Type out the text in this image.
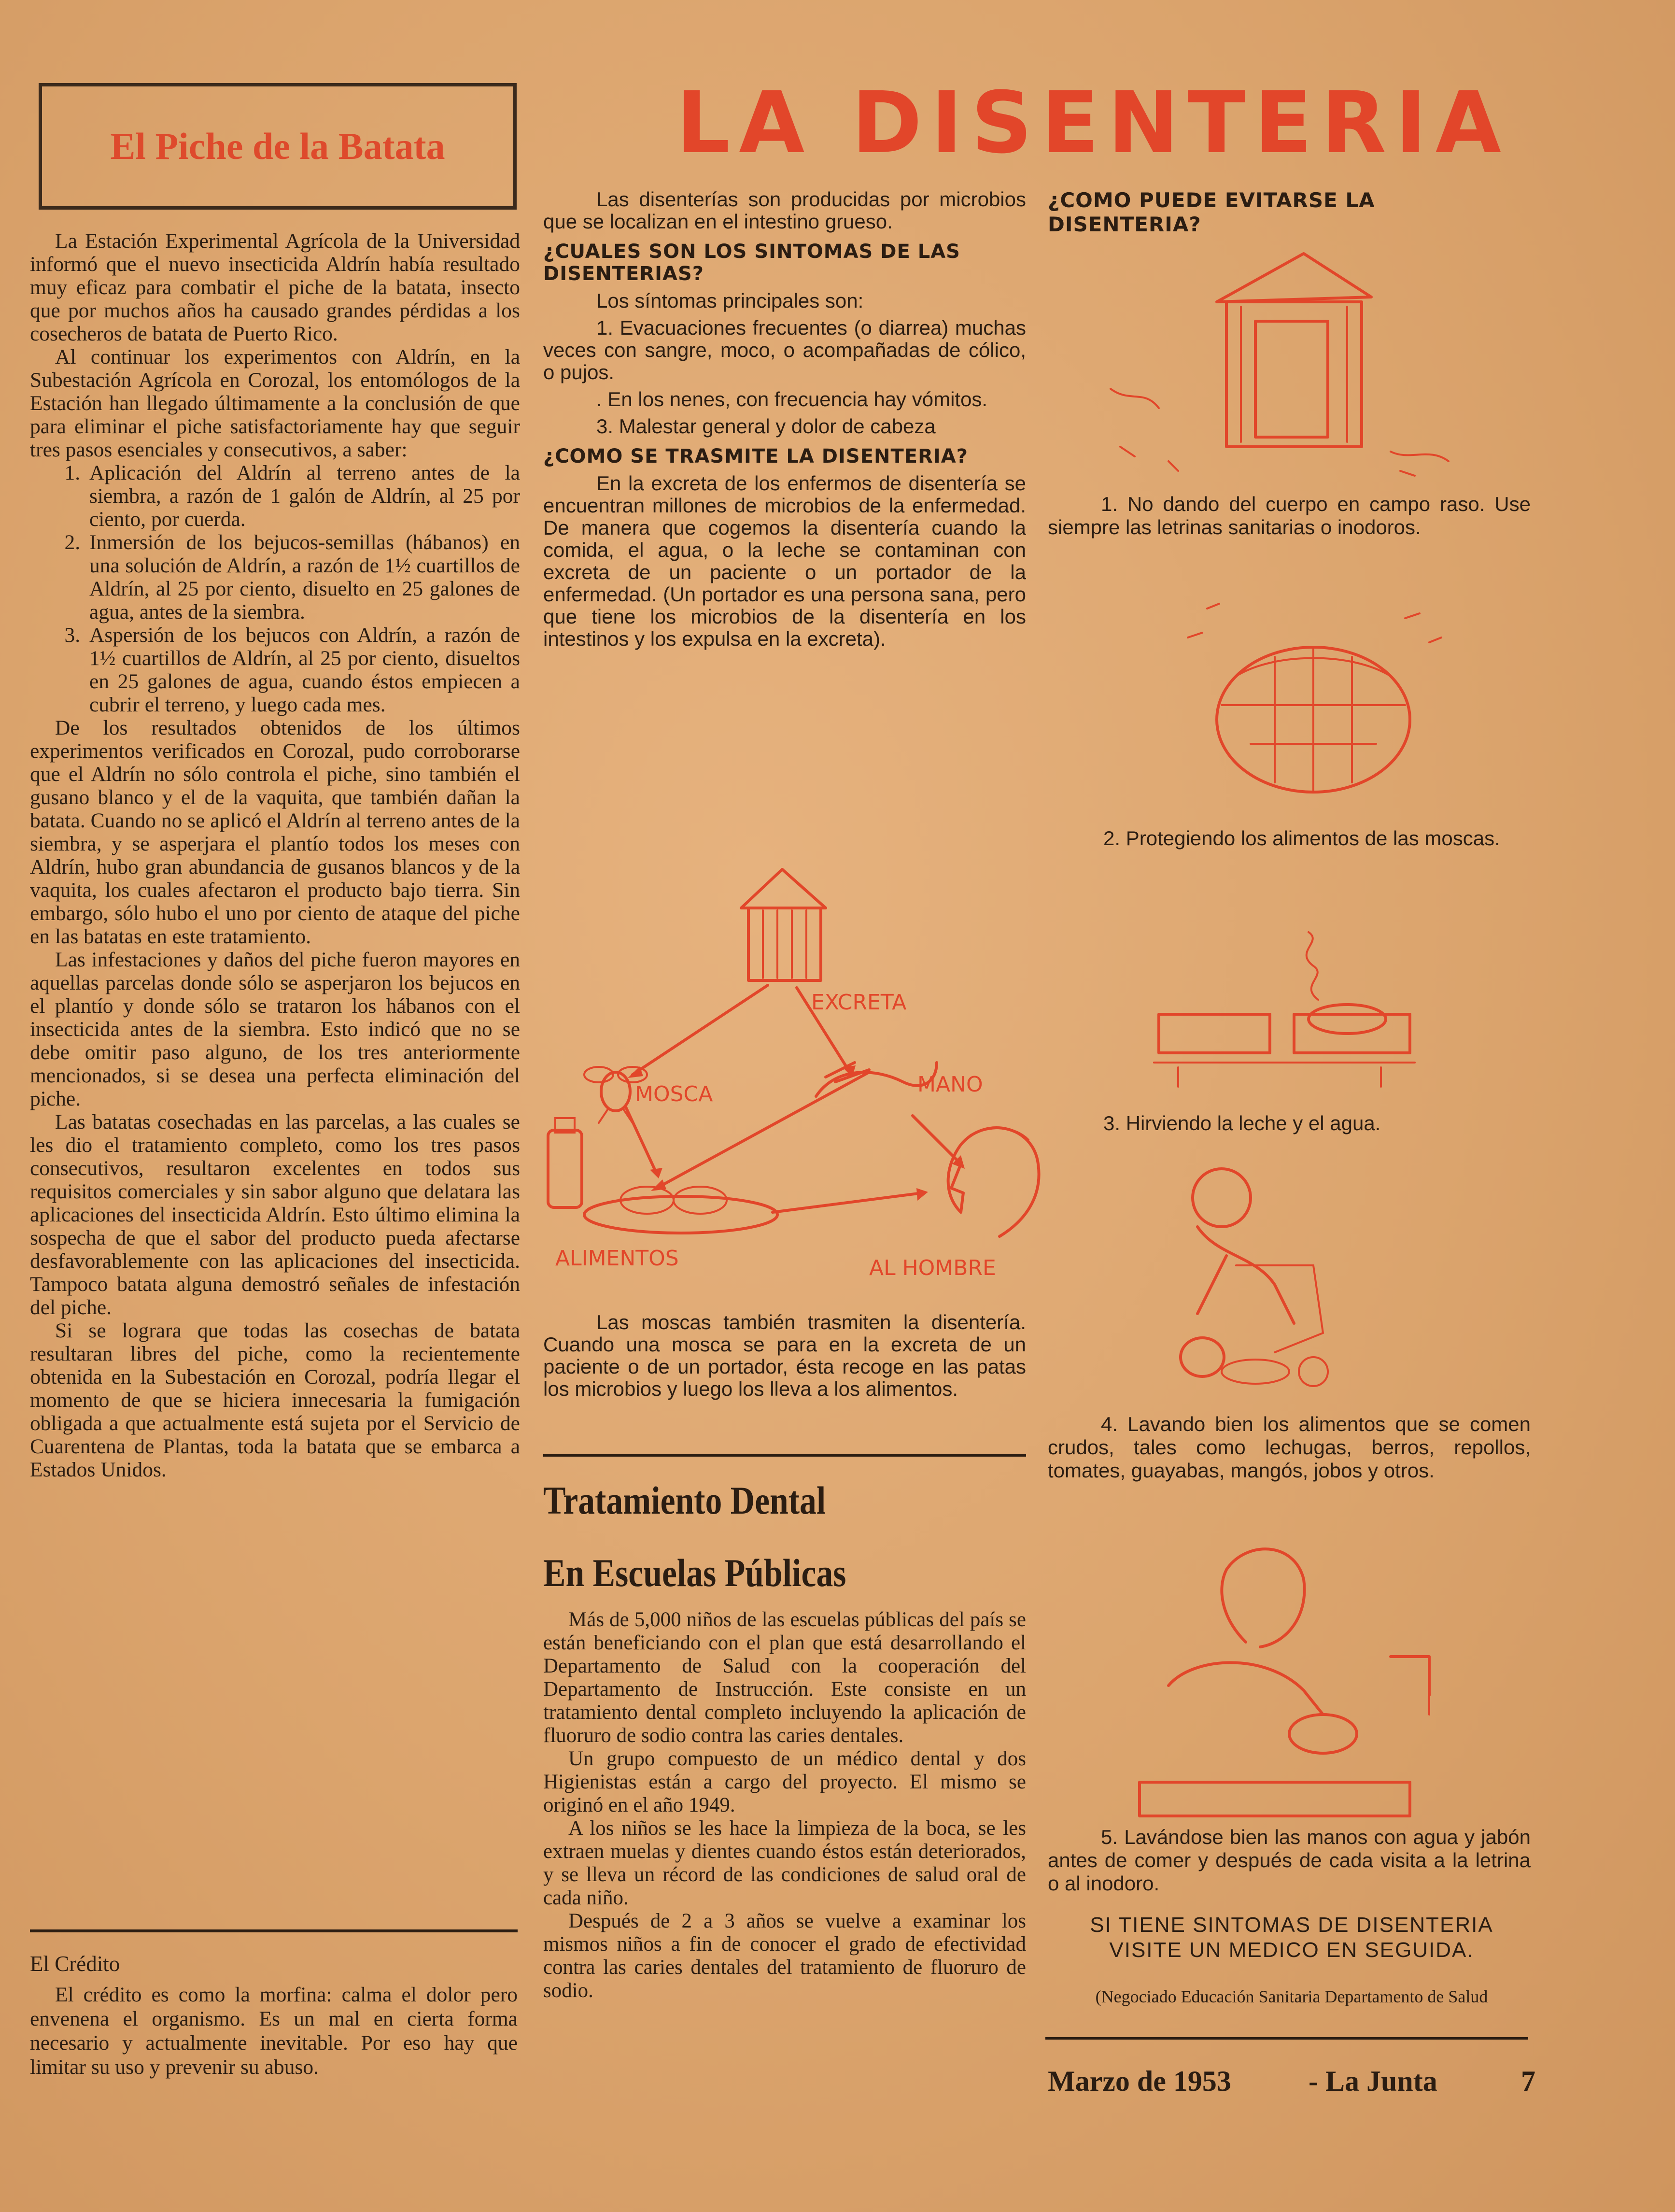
El Piche de la Batata

La Estación Experimental Agrícola de la Universidad informó que el nuevo insecticida Aldrín había resultado muy eficaz para combatir el piche de la batata, insecto que por muchos años ha causado grandes pérdidas a los cosecheros de batata de Puerto Rico.

Al continuar los experimentos con Aldrín, en la Subestación Agrícola en Corozal, los entomólogos de la Estación han llegado últimamente a la conclusión de que para eliminar el piche satisfactoriamente hay que seguir tres pasos esenciales y consecutivos, a saber:

1. Aplicación del Aldrín al terreno antes de la siembra, a razón de 1 galón de Aldrín, al 25 por ciento, por cuerda.
2. Inmersión de los bejucos-semillas (hábanos) en una solución de Aldrín, a razón de 1½ cuartillos de Aldrín, al 25 por ciento, disuelto en 25 galones de agua, antes de la siembra.
3. Aspersión de los bejucos con Aldrín, a razón de 1½ cuartillos de Aldrín, al 25 por ciento, disueltos en 25 galones de agua, cuando éstos empiecen a cubrir el terreno, y luego cada mes.

De los resultados obtenidos de los últimos experimentos verificados en Corozal, pudo corroborarse que el Aldrín no sólo controla el piche, sino también el gusano blanco y el de la vaquita, que también dañan la batata. Cuando no se aplicó el Aldrín al terreno antes de la siembra, y se asperjara el plantío todos los meses con Aldrín, hubo gran abundancia de gusanos blancos y de la vaquita, los cuales afectaron el producto bajo tierra. Sin embargo, sólo hubo el uno por ciento de ataque del piche en las batatas en este tratamiento.

Las infestaciones y daños del piche fueron mayores en aquellas parcelas donde sólo se asperjaron los bejucos en el plantío y donde sólo se trataron los hábanos con el insecticida antes de la siembra. Esto indicó que no se debe omitir paso alguno, de los tres anteriormente mencionados, si se desea una perfecta eliminación del piche.

Las batatas cosechadas en las parcelas, a las cuales se les dio el tratamiento completo, como los tres pasos consecutivos, resultaron excelentes en todos sus requisitos comerciales y sin sabor alguno que delatara las aplicaciones del insecticida Aldrín. Esto último elimina la sospecha de que el sabor del producto pueda afectarse desfavorablemente con las aplicaciones del insecticida. Tampoco batata alguna demostró señales de infestación del piche.

Si se lograra que todas las cosechas de batata resultaran libres del piche, como la recientemente obtenida en la Subestación en Corozal, podría llegar el momento de que se hiciera innecesaria la fumigación obligada a que actualmente está sujeta por el Servicio de Cuarentena de Plantas, toda la batata que se embarca a Estados Unidos.

El Crédito

El crédito es como la morfina: calma el dolor pero envenena el organismo. Es un mal en cierta forma necesario y actualmente inevitable. Por eso hay que limitar su uso y prevenir su abuso.

LA DISENTERIA

Las disenterías son producidas por microbios que se localizan en el intestino grueso.

¿CUALES SON LOS SINTOMAS DE LAS DISENTERIAS?

Los síntomas principales son:

1. Evacuaciones frecuentes (o diarrea) muchas veces con sangre, moco, o acompañadas de cólico, o pujos.

. En los nenes, con frecuencia hay vómitos.

3. Malestar general y dolor de cabeza

¿COMO SE TRASMITE LA DISENTERIA?

En la excreta de los enfermos de disentería se encuentran millones de microbios de la enfermedad. De manera que cogemos la disentería cuando la comida, el agua, o la leche se contaminan con excreta de un paciente o un portador de la enfermedad. (Un portador es una persona sana, pero que tiene los microbios de la disentería en los intestinos y los expulsa en la excreta).

EXCRETA
MOSCA	MANO
ALIMENTOS	AL HOMBRE

Las moscas también trasmiten la disentería. Cuando una mosca se para en la excreta de un paciente o de un portador, ésta recoge en las patas los microbios y luego los lleva a los alimentos.

Tratamiento Dental
En Escuelas Públicas

Más de 5,000 niños de las escuelas públicas del país se están beneficiando con el plan que está desarrollando el Departamento de Salud con la cooperación del Departamento de Instrucción. Este consiste en un tratamiento dental completo incluyendo la aplicación de fluoruro de sodio contra las caries dentales.

Un grupo compuesto de un médico dental y dos Higienistas están a cargo del proyecto. El mismo se originó en el año 1949.

A los niños se les hace la limpieza de la boca, se les extraen muelas y dientes cuando éstos están deteriorados, y se lleva un récord de las condiciones de salud oral de cada niño.

Después de 2 a 3 años se vuelve a examinar los mismos niños a fin de conocer el grado de efectividad contra las caries dentales del tratamiento de fluoruro de sodio.

¿COMO PUEDE EVITARSE LA DISENTERIA?
1. No dando del cuerpo en campo raso. Use siempre las letrinas sanitarias o inodoros.
2. Protegiendo los alimentos de las moscas.
3. Hirviendo la leche y el agua.
4. Lavando bien los alimentos que se comen crudos, tales como lechugas, berros, repollos, tomates, guayabas, mangós, jobos y otros.
5. Lavándose bien las manos con agua y jabón antes de comer y después de cada visita a la letrina o al inodoro.
SI TIENE SINTOMAS DE DISENTERIA
VISITE UN MEDICO EN SEGUIDA.
(Negociado Educación Sanitaria Departamento de Salud
Marzo de 1953	- La Junta	7
